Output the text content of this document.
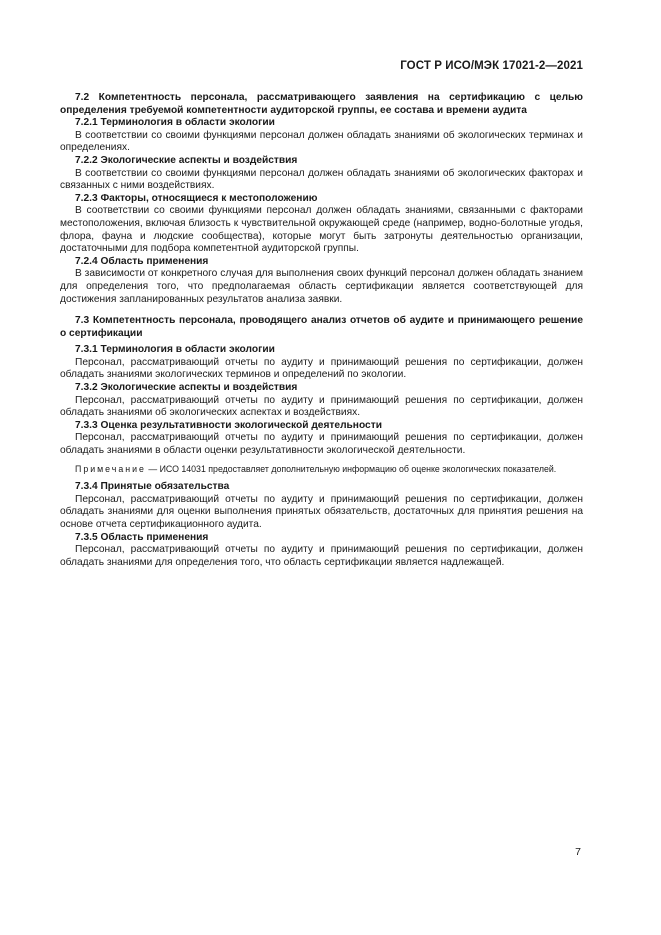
ГОСТ Р ИСО/МЭК 17021-2—2021

7.2 Компетентность персонала, рассматривающего заявления на сертификацию с целью определения требуемой компетентности аудиторской группы, ее состава и времени аудита

7.2.1 Терминология в области экологии

В соответствии со своими функциями персонал должен обладать знаниями об экологических терминах и определениях.

7.2.2 Экологические аспекты и воздействия

В соответствии со своими функциями персонал должен обладать знаниями об экологических факторах и связанных с ними воздействиях.

7.2.3 Факторы, относящиеся к местоположению

В соответствии со своими функциями персонал должен обладать знаниями, связанными с факторами местоположения, включая близость к чувствительной окружающей среде (например, водно-болотные угодья, флора, фауна и людские сообщества), которые могут быть затронуты деятельностью организации, достаточными для подбора компетентной аудиторской группы.

7.2.4 Область применения

В зависимости от конкретного случая для выполнения своих функций персонал должен обладать знанием для определения того, что предполагаемая область сертификации является соответствующей для достижения запланированных результатов анализа заявки.

7.3 Компетентность персонала, проводящего анализ отчетов об аудите и принимающего решение о сертификации

7.3.1 Терминология в области экологии

Персонал, рассматривающий отчеты по аудиту и принимающий решения по сертификации, должен обладать знаниями экологических терминов и определений по экологии.

7.3.2 Экологические аспекты и воздействия

Персонал, рассматривающий отчеты по аудиту и принимающий решения по сертификации, должен обладать знаниями об экологических аспектах и воздействиях.

7.3.3 Оценка результативности экологической деятельности

Персонал, рассматривающий отчеты по аудиту и принимающий решения по сертификации, должен обладать знаниями в области оценки результативности экологической деятельности.

Примечание — ИСО 14031 предоставляет дополнительную информацию об оценке экологических показателей.

7.3.4 Принятые обязательства

Персонал, рассматривающий отчеты по аудиту и принимающий решения по сертификации, должен обладать знаниями для оценки выполнения принятых обязательств, достаточных для принятия решения на основе отчета сертификационного аудита.

7.3.5 Область применения

Персонал, рассматривающий отчеты по аудиту и принимающий решения по сертификации, должен обладать знаниями для определения того, что область сертификации является надлежащей.

7
